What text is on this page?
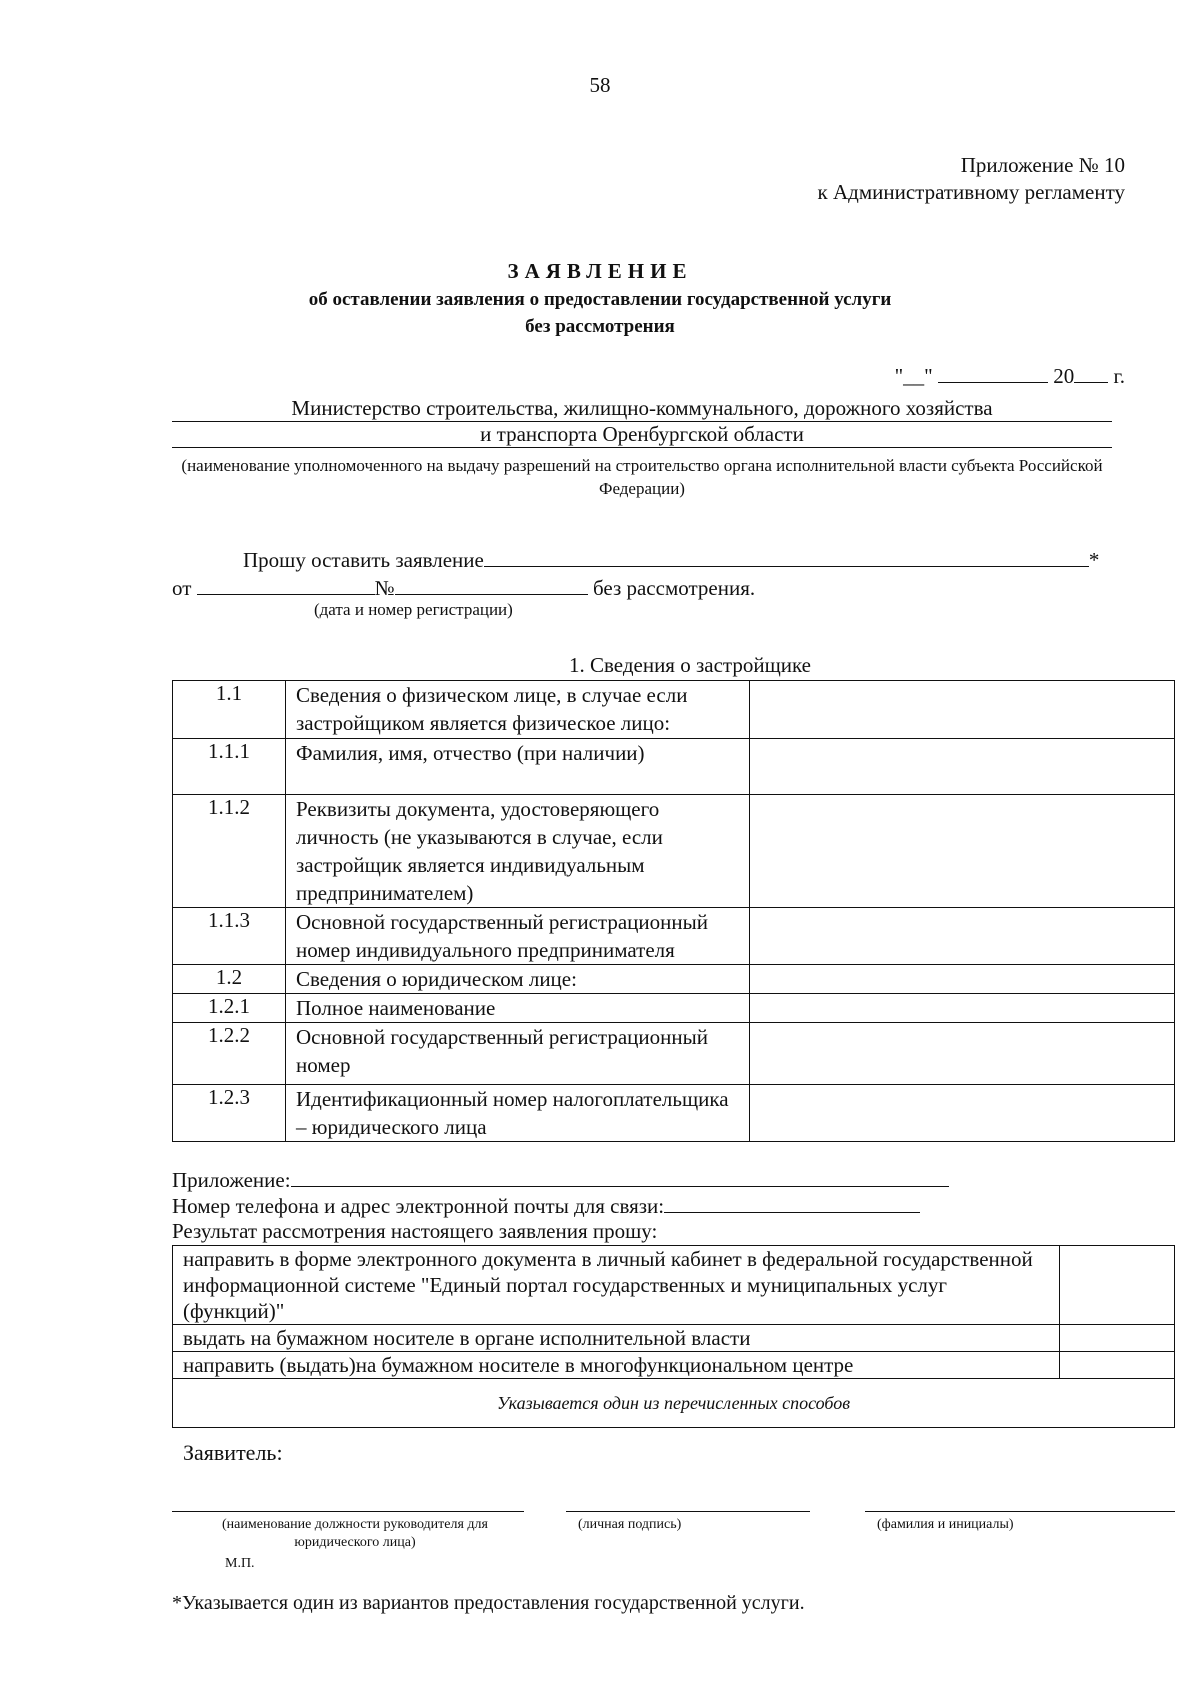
58
Приложение № 10
к Административному регламенту
ЗАЯВЛЕНИЕ
об оставлении заявления о предоставлении государственной услуги
без рассмотрения
"__"	20 г.
Министерство строительства, жилищно-коммунального, дорожного хозяйства
и транспорта Оренбургской области
(наименование уполномоченного на выдачу разрешений на строительство органа исполнительной власти субъекта Российской Федерации)
Прошу оставить заявление	*
от	№	без рассмотрения.
(дата и номер регистрации)
1. Сведения о застройщике
1.1	Сведения о физическом лице, в случае если застройщиком является физическое лицо:	
1.1.1	Фамилия, имя, отчество (при наличии)	
1.1.2	Реквизиты документа, удостоверяющего личность (не указываются в случае, если застройщик является индивидуальным предпринимателем)	
1.1.3	Основной государственный регистрационный номер индивидуального предпринимателя	
1.2	Сведения о юридическом лице:	
1.2.1	Полное наименование	
1.2.2	Основной государственный регистрационный номер	
1.2.3	Идентификационный номер налогоплательщика – юридического лица	
Приложение:
Номер телефона и адрес электронной почты для связи:
Результат рассмотрения настоящего заявления прошу:
направить в форме электронного документа в личный кабинет в федеральной государственной информационной системе "Единый портал государственных и муниципальных услуг (функций)"	
выдать на бумажном носителе в органе исполнительной власти	
направить (выдать)на бумажном носителе в многофункциональном центре	
Указывается один из перечисленных способов	
Заявитель:
(наименование должности руководителя для юридического лица)
(личная подпись)	(фамилия и инициалы)
М.П.
*Указывается один из вариантов предоставления государственной услуги.
